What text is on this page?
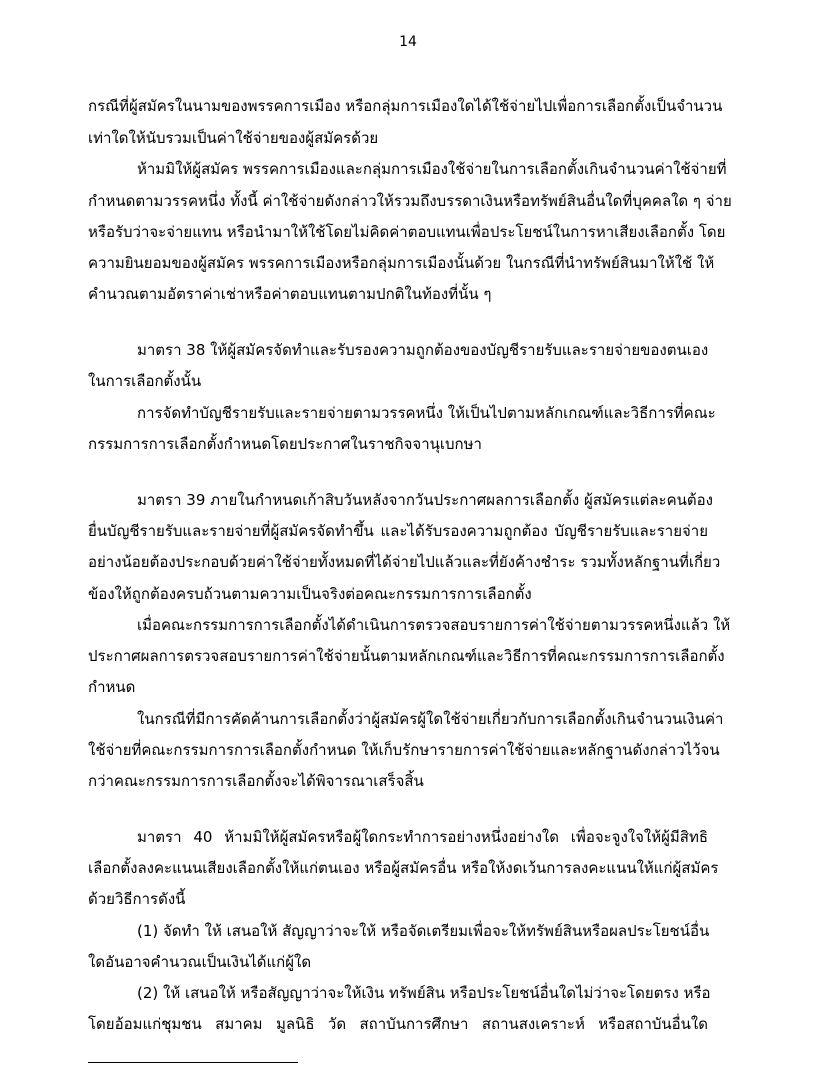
14
กรณีที่ผู้สมัครในนามของพรรคการเมือง หรือกลุ่มการเมืองใดได้ใช้จ่ายไปเพื่อการเลือกตั้งเป็นจำนวน
เท่าใดให้นับรวมเป็นค่าใช้จ่ายของผู้สมัครด้วย
ห้ามมิให้ผู้สมัคร พรรคการเมืองและกลุ่มการเมืองใช้จ่ายในการเลือกตั้งเกินจำนวนค่าใช้จ่ายที่
กำหนดตามวรรคหนึ่ง ทั้งนี้ ค่าใช้จ่ายดังกล่าวให้รวมถึงบรรดาเงินหรือทรัพย์สินอื่นใดที่บุคคลใด ๆ จ่าย
หรือรับว่าจะจ่ายแทน หรือนำมาให้ใช้โดยไม่คิดค่าตอบแทนเพื่อประโยชน์ในการหาเสียงเลือกตั้ง โดย
ความยินยอมของผู้สมัคร พรรคการเมืองหรือกลุ่มการเมืองนั้นด้วย ในกรณีที่นำทรัพย์สินมาให้ใช้ ให้
คำนวณตามอัตราค่าเช่าหรือค่าตอบแทนตามปกติในท้องที่นั้น ๆ
มาตรา 38 ให้ผู้สมัครจัดทำและรับรองความถูกต้องของบัญชีรายรับและรายจ่ายของตนเอง
ในการเลือกตั้งนั้น
การจัดทำบัญชีรายรับและรายจ่ายตามวรรคหนึ่ง ให้เป็นไปตามหลักเกณฑ์และวิธีการที่คณะ
กรรมการการเลือกตั้งกำหนดโดยประกาศในราชกิจจานุเบกษา
มาตรา 39 ภายในกำหนดเก้าสิบวันหลังจากวันประกาศผลการเลือกตั้ง ผู้สมัครแต่ละคนต้อง
ยื่นบัญชีรายรับและรายจ่ายที่ผู้สมัครจัดทำขึ้น และได้รับรองความถูกต้อง บัญชีรายรับและรายจ่าย
อย่างน้อยต้องประกอบด้วยค่าใช้จ่ายทั้งหมดที่ได้จ่ายไปแล้วและที่ยังค้างชำระ รวมทั้งหลักฐานที่เกี่ยว
ข้องให้ถูกต้องครบถ้วนตามความเป็นจริงต่อคณะกรรมการการเลือกตั้ง
เมื่อคณะกรรมการการเลือกตั้งได้ดำเนินการตรวจสอบรายการค่าใช้จ่ายตามวรรคหนึ่งแล้ว ให้
ประกาศผลการตรวจสอบรายการค่าใช้จ่ายนั้นตามหลักเกณฑ์และวิธีการที่คณะกรรมการการเลือกตั้ง
กำหนด
ในกรณีที่มีการคัดค้านการเลือกตั้งว่าผู้สมัครผู้ใดใช้จ่ายเกี่ยวกับการเลือกตั้งเกินจำนวนเงินค่า
ใช้จ่ายที่คณะกรรมการการเลือกตั้งกำหนด ให้เก็บรักษารายการค่าใช้จ่ายและหลักฐานดังกล่าวไว้จน
กว่าคณะกรรมการการเลือกตั้งจะได้พิจารณาเสร็จสิ้น
มาตรา 40 ห้ามมิให้ผู้สมัครหรือผู้ใดกระทำการอย่างหนึ่งอย่างใด เพื่อจะจูงใจให้ผู้มีสิทธิ
เลือกตั้งลงคะแนนเสียงเลือกตั้งให้แก่ตนเอง หรือผู้สมัครอื่น หรือให้งดเว้นการลงคะแนนให้แก่ผู้สมัคร
ด้วยวิธีการดังนี้
(1) จัดทำ ให้ เสนอให้ สัญญาว่าจะให้ หรือจัดเตรียมเพื่อจะให้ทรัพย์สินหรือผลประโยชน์อื่น
ใดอันอาจคำนวณเป็นเงินได้แก่ผู้ใด
(2) ให้ เสนอให้ หรือสัญญาว่าจะให้เงิน ทรัพย์สิน หรือประโยชน์อื่นใดไม่ว่าจะโดยตรง หรือ
โดยอ้อมแก่ชุมชน สมาคม มูลนิธิ วัด สถาบันการศึกษา สถานสงเคราะห์ หรือสถาบันอื่นใด
